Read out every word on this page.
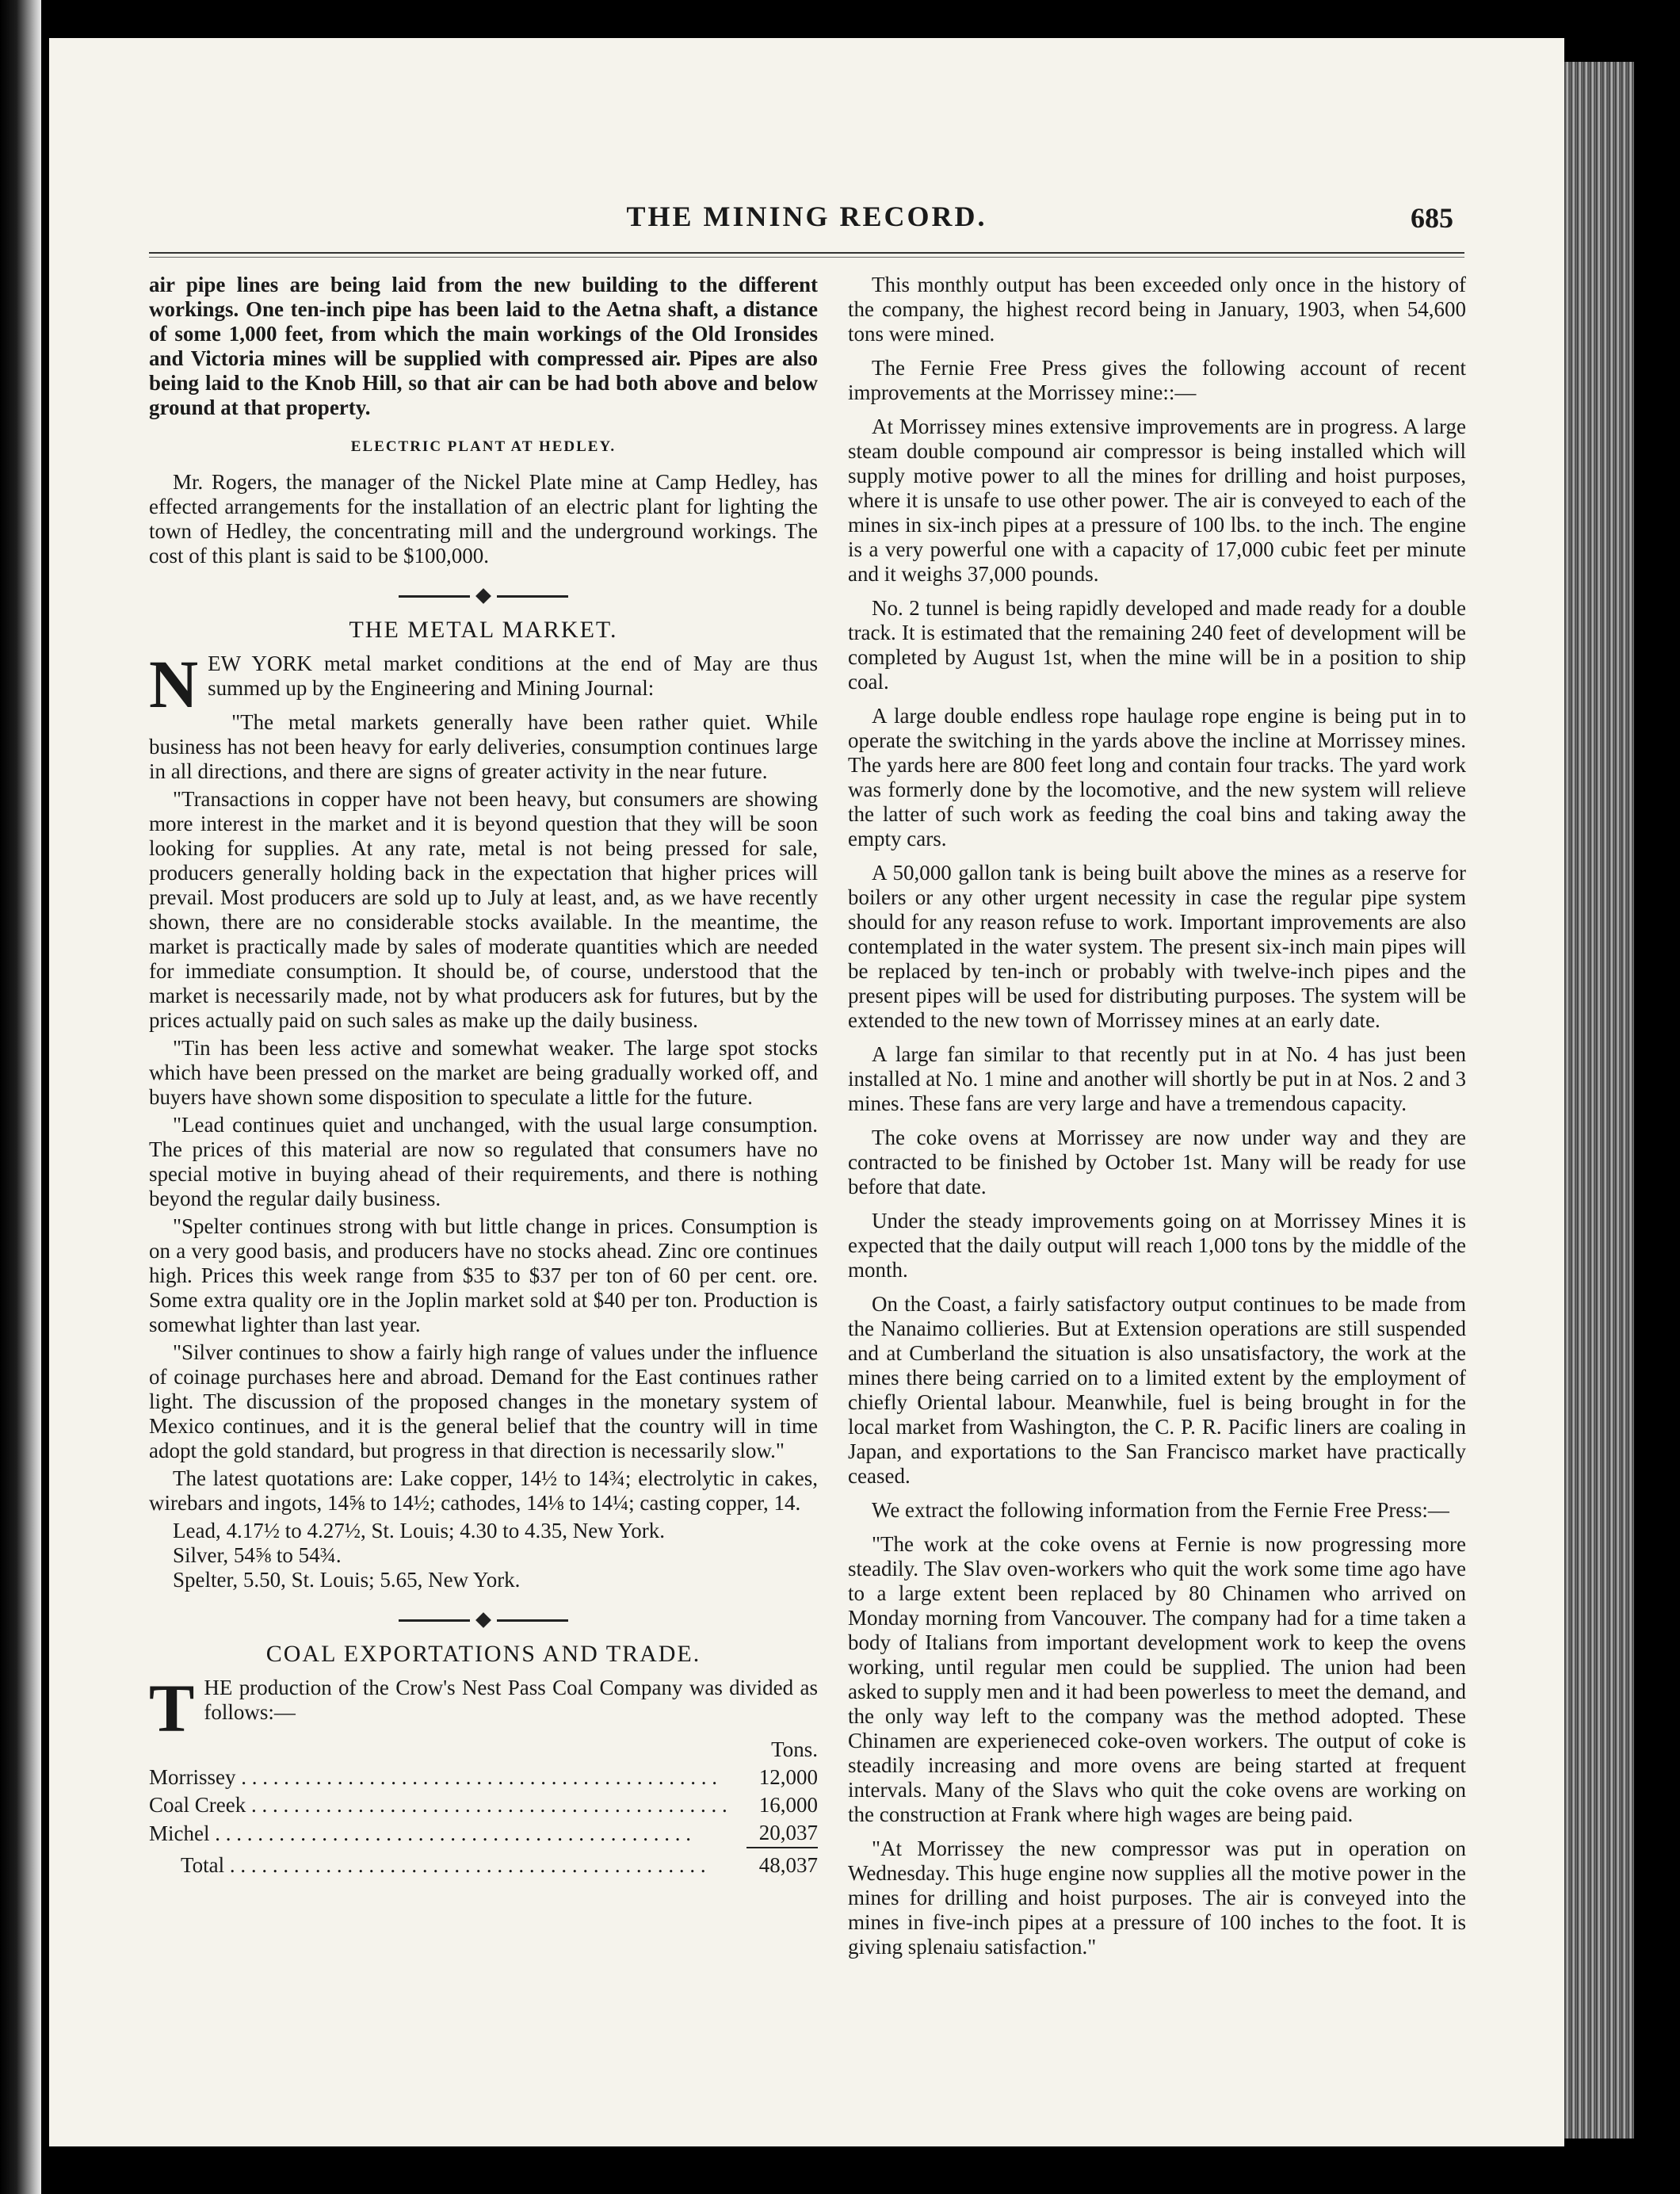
THE MINING RECORD.	685

air pipe lines are being laid from the new building to the different workings. One ten-inch pipe has been laid to the Aetna shaft, a distance of some 1,000 feet, from which the main workings of the Old Ironsides and Victoria mines will be supplied with compressed air. Pipes are also being laid to the Knob Hill, so that air can be had both above and below ground at that property.

ELECTRIC PLANT AT HEDLEY.

Mr. Rogers, the manager of the Nickel Plate mine at Camp Hedley, has effected arrangements for the installation of an electric plant for lighting the town of Hedley, the concentrating mill and the underground workings. The cost of this plant is said to be $100,000.

THE METAL MARKET.

N EW YORK metal market conditions at the end of May are thus summed up by the Engineering and Mining Journal:

"The metal markets generally have been rather quiet. While business has not been heavy for early deliveries, consumption continues large in all directions, and there are signs of greater activity in the near future.

"Transactions in copper have not been heavy, but consumers are showing more interest in the market and it is beyond question that they will be soon looking for supplies. At any rate, metal is not being pressed for sale, producers generally holding back in the expectation that higher prices will prevail. Most producers are sold up to July at least, and, as we have recently shown, there are no considerable stocks available. In the meantime, the market is practically made by sales of moderate quantities which are needed for immediate consumption. It should be, of course, understood that the market is necessarily made, not by what producers ask for futures, but by the prices actually paid on such sales as make up the daily business.

"Tin has been less active and somewhat weaker. The large spot stocks which have been pressed on the market are being gradually worked off, and buyers have shown some disposition to speculate a little for the future.

"Lead continues quiet and unchanged, with the usual large consumption. The prices of this material are now so regulated that consumers have no special motive in buying ahead of their requirements, and there is nothing beyond the regular daily business.

"Spelter continues strong with but little change in prices. Consumption is on a very good basis, and producers have no stocks ahead. Zinc ore continues high. Prices this week range from $35 to $37 per ton of 60 per cent. ore. Some extra quality ore in the Joplin market sold at $40 per ton. Production is somewhat lighter than last year.

"Silver continues to show a fairly high range of values under the influence of coinage purchases here and abroad. Demand for the East continues rather light. The discussion of the proposed changes in the monetary system of Mexico continues, and it is the general belief that the country will in time adopt the gold standard, but progress in that direction is necessarily slow."

The latest quotations are: Lake copper, 14½ to 14¾; electrolytic in cakes, wirebars and ingots, 14⅝ to 14½; cathodes, 14⅛ to 14¼; casting copper, 14.

Lead, 4.17½ to 4.27½, St. Louis; 4.30 to 4.35, New York.
Silver, 54⅝ to 54¾.
Spelter, 5.50, St. Louis; 5.65, New York.
COAL EXPORTATIONS AND TRADE.

T HE production of the Crow's Nest Pass Coal Company was divided as follows:—

	Tons.
Morrissey . . .	12,000
Coal Creek . . .	16,000
Michel . . .	20,037

Total . . .	48,037

This monthly output has been exceeded only once in the history of the company, the highest record being in January, 1903, when 54,600 tons were mined.

The Fernie Free Press gives the following account of recent improvements at the Morrissey mine::—

At Morrissey mines extensive improvements are in progress. A large steam double compound air compressor is being installed which will supply motive power to all the mines for drilling and hoist purposes, where it is unsafe to use other power. The air is conveyed to each of the mines in six-inch pipes at a pressure of 100 lbs. to the inch. The engine is a very powerful one with a capacity of 17,000 cubic feet per minute and it weighs 37,000 pounds.

No. 2 tunnel is being rapidly developed and made ready for a double track. It is estimated that the remaining 240 feet of development will be completed by August 1st, when the mine will be in a position to ship coal.

A large double endless rope haulage rope engine is being put in to operate the switching in the yards above the incline at Morrissey mines. The yards here are 800 feet long and contain four tracks. The yard work was formerly done by the locomotive, and the new system will relieve the latter of such work as feeding the coal bins and taking away the empty cars.

A 50,000 gallon tank is being built above the mines as a reserve for boilers or any other urgent necessity in case the regular pipe system should for any reason refuse to work. Important improvements are also contemplated in the water system. The present six-inch main pipes will be replaced by ten-inch or probably with twelve-inch pipes and the present pipes will be used for distributing purposes. The system will be extended to the new town of Morrissey mines at an early date.

A large fan similar to that recently put in at No. 4 has just been installed at No. 1 mine and another will shortly be put in at Nos. 2 and 3 mines. These fans are very large and have a tremendous capacity.

The coke ovens at Morrissey are now under way and they are contracted to be finished by October 1st. Many will be ready for use before that date.

Under the steady improvements going on at Morrissey Mines it is expected that the daily output will reach 1,000 tons by the middle of the month.

On the Coast, a fairly satisfactory output continues to be made from the Nanaimo collieries. But at Extension operations are still suspended and at Cumberland the situation is also unsatisfactory, the work at the mines there being carried on to a limited extent by the employment of chiefly Oriental labour. Meanwhile, fuel is being brought in for the local market from Washington, the C. P. R. Pacific liners are coaling in Japan, and exportations to the San Francisco market have practically ceased.

We extract the following information from the Fernie Free Press:—

"The work at the coke ovens at Fernie is now progressing more steadily. The Slav oven-workers who quit the work some time ago have to a large extent been replaced by 80 Chinamen who arrived on Monday morning from Vancouver. The company had for a time taken a body of Italians from important development work to keep the ovens working, until regular men could be supplied. The union had been asked to supply men and it had been powerless to meet the demand, and the only way left to the company was the method adopted. These Chinamen are experieneced coke-oven workers. The output of coke is steadily increasing and more ovens are being started at frequent intervals. Many of the Slavs who quit the coke ovens are working on the construction at Frank where high wages are being paid.

"At Morrissey the new compressor was put in operation on Wednesday. This huge engine now supplies all the motive power in the mines for drilling and hoist purposes. The air is conveyed into the mines in five-inch pipes at a pressure of 100 inches to the foot. It is giving splenaiu satisfaction."
